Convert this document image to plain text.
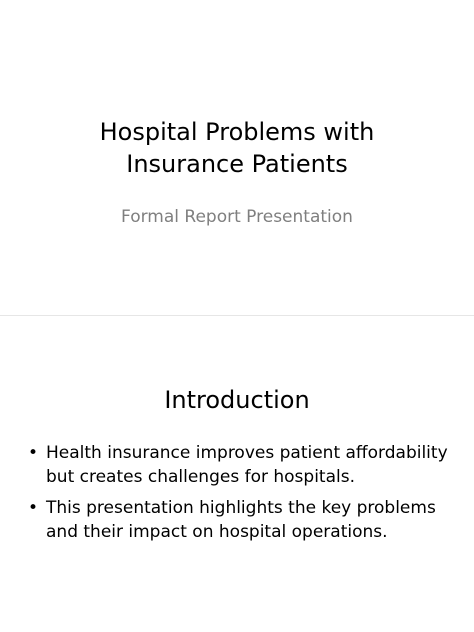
Hospital Problems with
Insurance Patients
Formal Report Presentation
Introduction
• Health insurance improves patient affordability but creates challenges for hospitals.
• This presentation highlights the key problems and their impact on hospital operations.
